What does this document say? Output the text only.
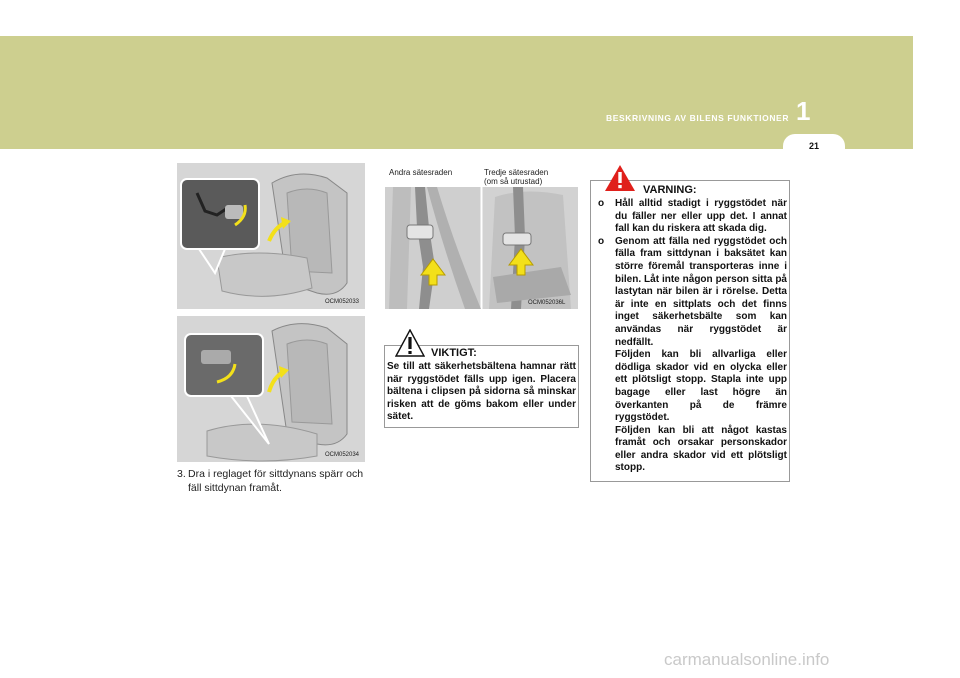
1
BESKRIVNING AV BILENS FUNKTIONER
21
OCM052033
OCM052034
3. Dra i reglaget för sittdynans spärr och fäll sittdynan framåt.
Andra sätesraden	Tredje sätesraden
(om så utrustad)
OCM052036L
VIKTIGT:
Se till att säkerhetsbältena hamnar rätt när ryggstödet fälls upp igen. Placera bältena i clipsen på sidorna så minskar risken att de göms bakom eller under sätet.
VARNING:
o Håll alltid stadigt i ryggstödet när du fäller ner eller upp det. I annat fall kan du riskera att skada dig.
o Genom att fälla ned ryggstödet och fälla fram sittdynan i baksätet kan större föremål transporteras inne i bilen. Låt inte någon person sitta på lastytan när bilen är i rörelse. Detta är inte en sittplats och det finns inget säkerhetsbälte som kan användas när ryggstödet är nedfällt.

Följden kan bli allvarliga eller dödliga skador vid en olycka eller ett plötsligt stopp. Stapla inte upp bagage eller last högre än överkanten på de främre ryggstödet.

Följden kan bli att något kastas framåt och orsakar personskador eller andra skador vid ett plötsligt stopp.

carmanualsonline.info
